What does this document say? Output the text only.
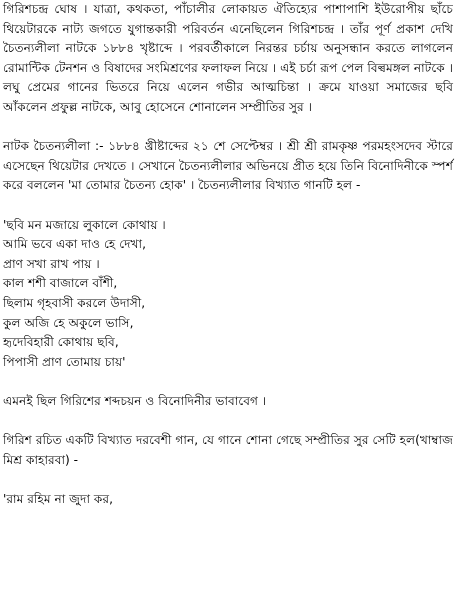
গিরিশচন্দ্র ঘোষ । যাত্রা, কথকতা, পাঁচালীর লোকায়ত ঐতিহ্যের পাশাপাশি ইউরোপীয় ছাঁচে থিয়েটারকে নাট্য জগতে যুগান্তকারী পরিবর্তন এনেছিলেন গিরিশচন্দ্র । তাঁর পূর্ণ প্রকাশ দেখি চৈতন্যলীলা নাটকে ১৮৮৪ খৃষ্টাব্দে । পরবর্তীকালে নিরন্তর চর্চায় অনুসন্ধান করতে লাগলেন রোমান্টিক টেনশন ও বিষাদের সংমিশ্রণের ফলাফল নিয়ে । এই চর্চা রূপ পেল বিল্বমঙ্গল নাটকে । লঘু প্রেমের গানের ভিতরে নিয়ে এলেন গভীর আত্মচিন্তা । ক্রমে যাওয়া সমাজের ছবি আঁকলেন প্রফুল্ল নাটকে, আবু হোসেনে শোনালেন সম্প্রীতির সুর ।

নাটক চৈতন্যলীলা :- ১৮৮৪ খ্রীষ্টাব্দের ২১ শে সেপ্টেম্বর । শ্রী শ্রী রামকৃষ্ণ পরমহংসদেব স্টারে এসেছেন থিয়েটার দেখতে । সেখানে চৈতন্যলীলার অভিনয়ে প্রীত হয়ে তিনি বিনোদিনীকে স্পর্শ করে বললেন 'মা তোমার চৈতন্য হোক' । চৈতন্যলীলার বিখ্যাত গানটি হল -

'ছবি মন মজায়ে লুকালে কোথায় ।

আমি ভবে একা দাও হে দেখা,

প্রাণ সখা রাখ পায় ।

কাল শশী বাজালে বাঁশী,

ছিলাম গৃহবাসী করলে উদাসী,

কুল অজি হে অকুলে ভাসি,

হৃদেবিহারী কোথায় ছবি,

পিপাসী প্রাণ তোমায় চায়'

এমনই ছিল গিরিশের শব্দচয়ন ও বিনোদিনীর ভাবাবেগ ।

গিরিশ রচিত একটি বিখ্যাত দরবেশী গান, যে গানে শোনা গেছে সম্প্রীতির সুর সেটি হল(খাম্বাজ মিশ্র কাহারবা) -

'রাম রহিম না জুদা কর,
